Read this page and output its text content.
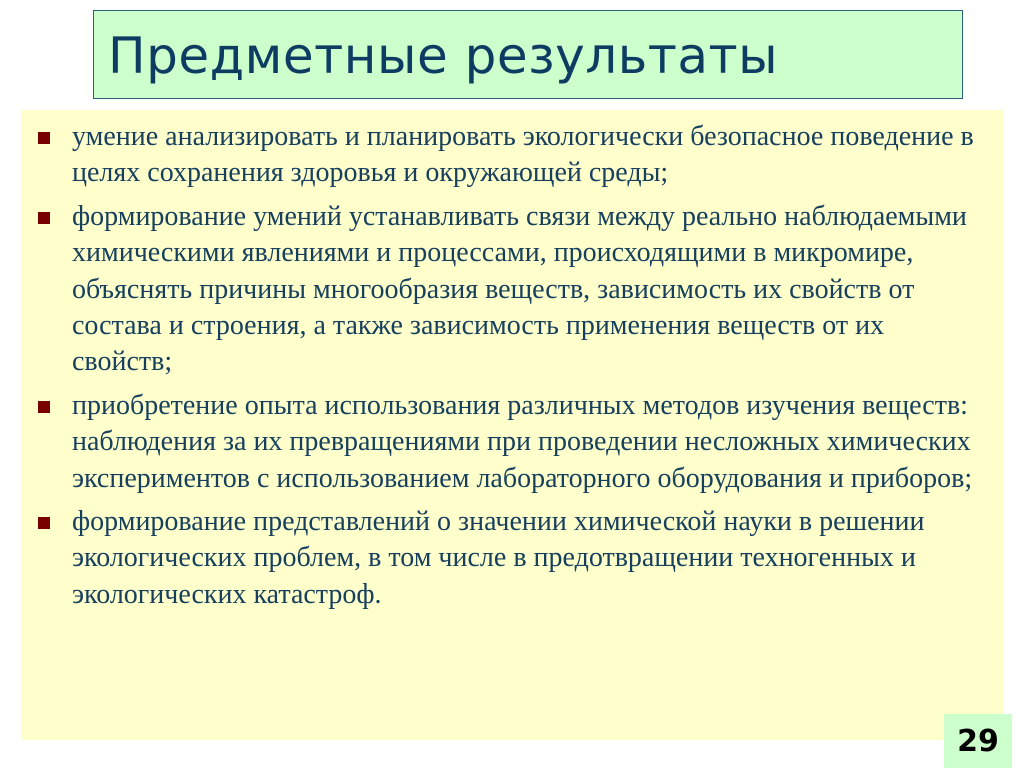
Предметные результаты
умение анализировать и планировать экологически безопасное поведение в целях сохранения здоровья и окружающей среды;
формирование умений устанавливать связи между реально наблюдаемыми химическими явлениями и процессами, происходящими в микромире, объяснять причины многообразия веществ, зависимость их свойств от состава и строения, а также зависимость применения веществ от их свойств;
приобретение опыта использования различных методов изучения веществ: наблюдения за их превращениями при проведении несложных химических экспериментов с использованием лабораторного оборудования и приборов;
формирование представлений о значении химической науки в решении экологических проблем, в том числе в предотвращении техногенных и экологических катастроф.
29
